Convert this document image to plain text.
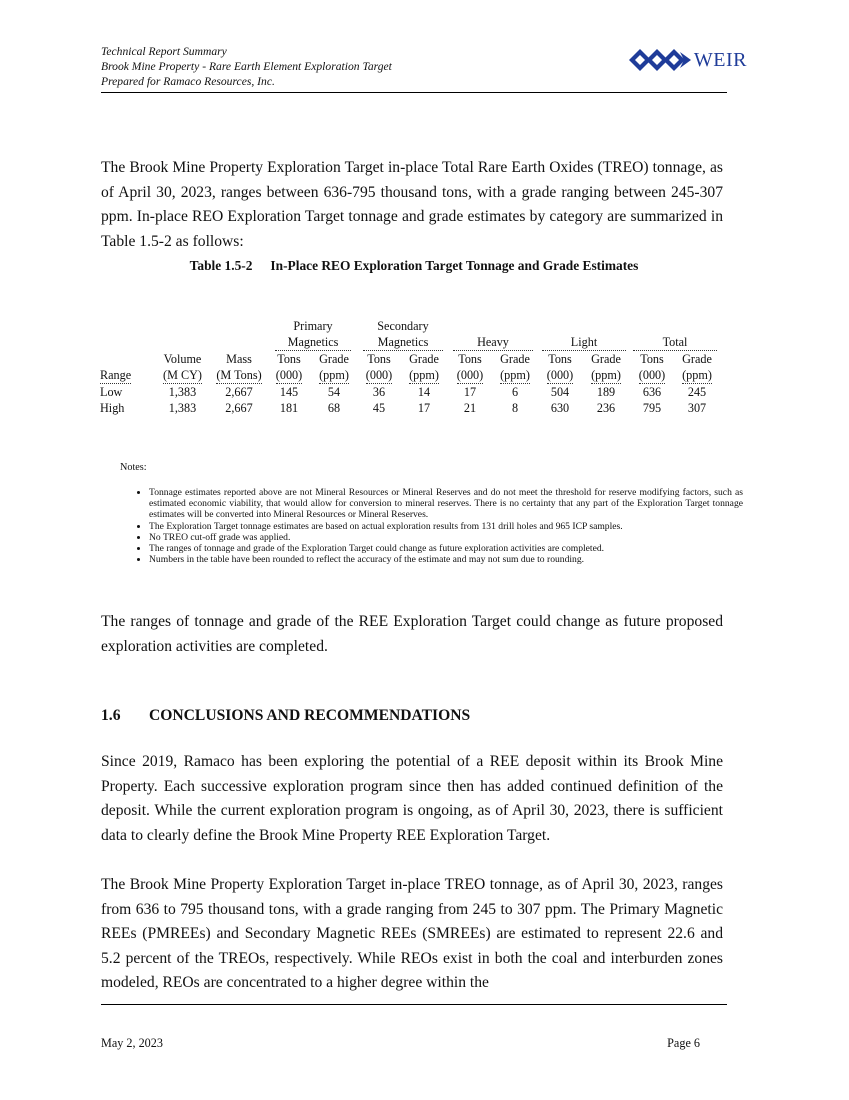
Technical Report Summary
Brook Mine Property - Rare Earth Element Exploration Target
Prepared for Ramaco Resources, Inc.
WEIR
The Brook Mine Property Exploration Target in-place Total Rare Earth Oxides (TREO) tonnage, as of April 30, 2023, ranges between 636-795 thousand tons, with a grade ranging between 245-307 ppm. In-place REO Exploration Target tonnage and grade estimates by category are summarized in Table 1.5-2 as follows:
Table 1.5-2 In-Place REO Exploration Target Tonnage and Grade Estimates
			Primary		Secondary							
			Magnetics		Magnetics		Heavy		Light		Total	
	Volume	Mass	Tons	Grade	Tons	Grade	Tons	Grade	Tons	Grade	Tons	Grade
Range	(M CY)	(M Tons)	(000)	(ppm)	(000)	(ppm)	(000)	(ppm)	(000)	(ppm)	(000)	(ppm)
Low	1,383	2,667	145	54	36	14	17	6	504	189	636	245
High	1,383	2,667	181	68	45	17	21	8	630	236	795	307
Notes:
• Tonnage estimates reported above are not Mineral Resources or Mineral Reserves and do not meet the threshold for reserve modifying factors, such as estimated economic viability, that would allow for conversion to mineral reserves. There is no certainty that any part of the Exploration Target tonnage estimates will be converted into Mineral Resources or Mineral Reserves.
• The Exploration Target tonnage estimates are based on actual exploration results from 131 drill holes and 965 ICP samples.
• No TREO cut-off grade was applied.
• The ranges of tonnage and grade of the Exploration Target could change as future exploration activities are completed.
• Numbers in the table have been rounded to reflect the accuracy of the estimate and may not sum due to rounding.
The ranges of tonnage and grade of the REE Exploration Target could change as future proposed exploration activities are completed.
1.6 CONCLUSIONS AND RECOMMENDATIONS
Since 2019, Ramaco has been exploring the potential of a REE deposit within its Brook Mine Property. Each successive exploration program since then has added continued definition of the deposit. While the current exploration program is ongoing, as of April 30, 2023, there is sufficient data to clearly define the Brook Mine Property REE Exploration Target.
The Brook Mine Property Exploration Target in-place TREO tonnage, as of April 30, 2023, ranges from 636 to 795 thousand tons, with a grade ranging from 245 to 307 ppm. The Primary Magnetic REEs (PMREEs) and Secondary Magnetic REEs (SMREEs) are estimated to represent 22.6 and 5.2 percent of the TREOs, respectively. While REOs exist in both the coal and interburden zones modeled, REOs are concentrated to a higher degree within the
May 2, 2023	Page 6
